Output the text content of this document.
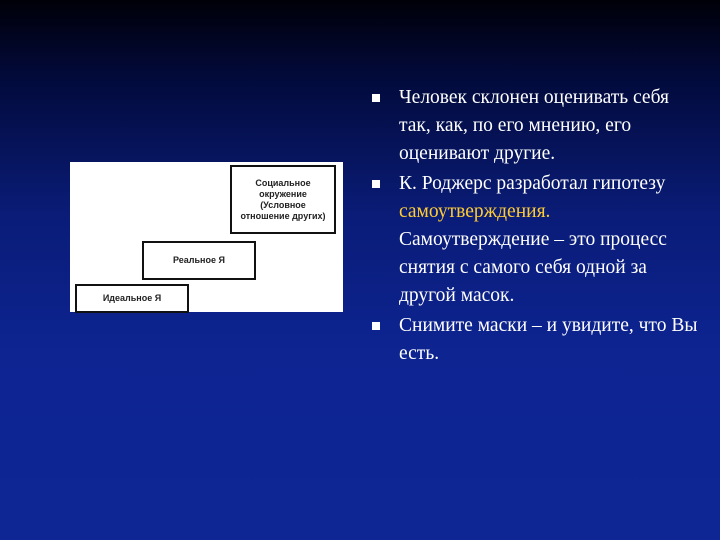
Социальное окружение (Условное отношение других)
Реальное Я
Идеальное Я
Человек склонен оценивать себя так, как, по его мнению, его оценивают другие.
К. Роджерс разработал гипотезу самоутверждения. Самоутверждение – это процесс снятия с самого себя одной за другой масок.
Снимите маски – и увидите, что Вы есть.
